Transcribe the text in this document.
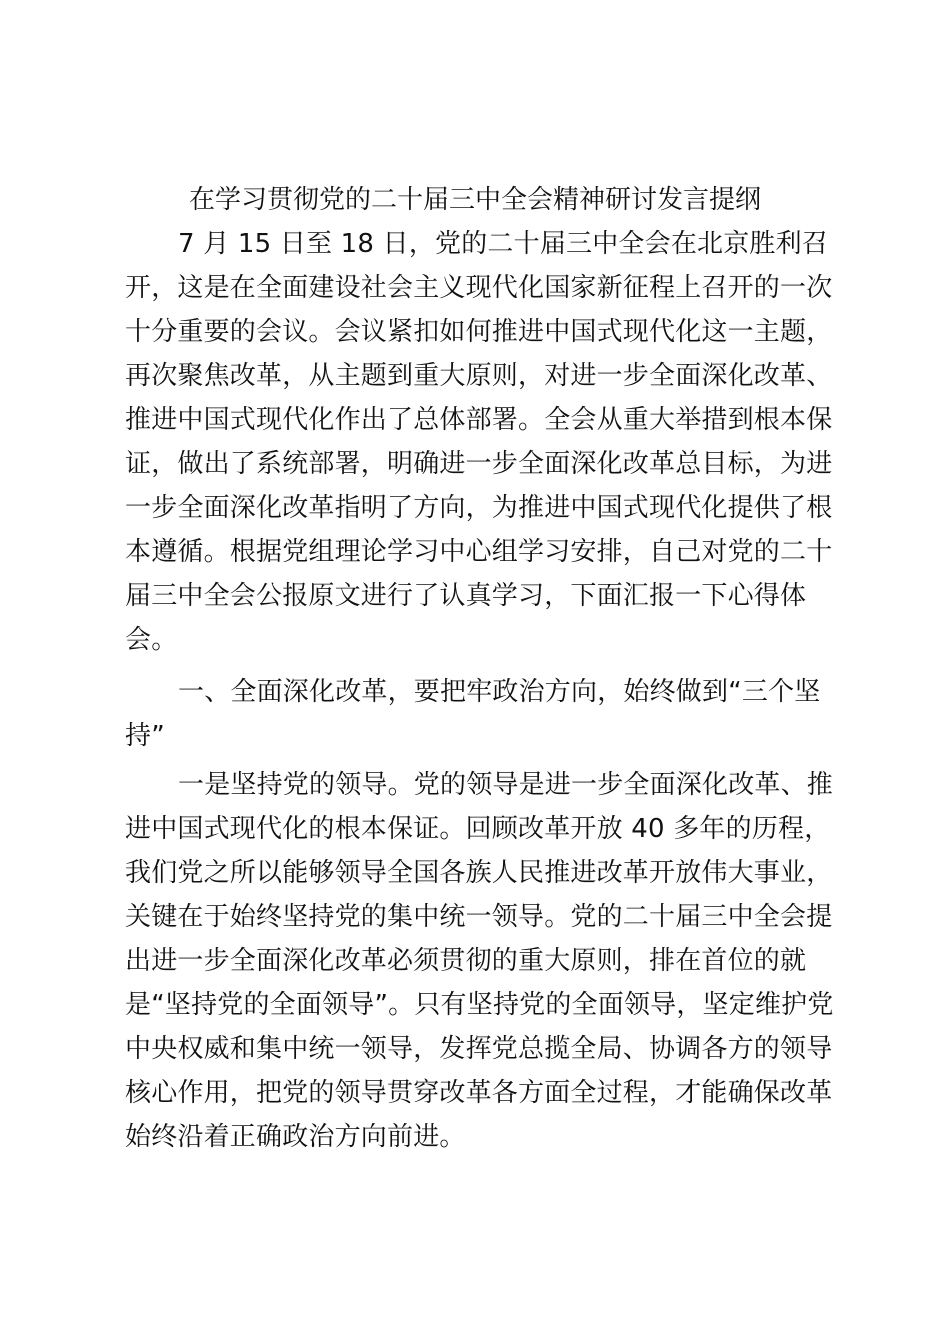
在学习贯彻党的二十届三中全会精神研讨发言提纲
7 月 15 日至 18 日，党的二十届三中全会在北京胜利召
开，这是在全面建设社会主义现代化国家新征程上召开的一次
十分重要的会议。会议紧扣如何推进中国式现代化这一主题，
再次聚焦改革，从主题到重大原则，对进一步全面深化改革、
推进中国式现代化作出了总体部署。全会从重大举措到根本保
证，做出了系统部署，明确进一步全面深化改革总目标，为进
一步全面深化改革指明了方向，为推进中国式现代化提供了根
本遵循。根据党组理论学习中心组学习安排，自己对党的二十
届三中全会公报原文进行了认真学习，下面汇报一下心得体
会。
一、全面深化改革，要把牢政治方向，始终做到“三个坚
持”
一是坚持党的领导。党的领导是进一步全面深化改革、推
进中国式现代化的根本保证。回顾改革开放 40 多年的历程，
我们党之所以能够领导全国各族人民推进改革开放伟大事业，
关键在于始终坚持党的集中统一领导。党的二十届三中全会提
出进一步全面深化改革必须贯彻的重大原则，排在首位的就
是“坚持党的全面领导”。只有坚持党的全面领导，坚定维护党
中央权威和集中统一领导，发挥党总揽全局、协调各方的领导
核心作用，把党的领导贯穿改革各方面全过程，才能确保改革
始终沿着正确政治方向前进。
